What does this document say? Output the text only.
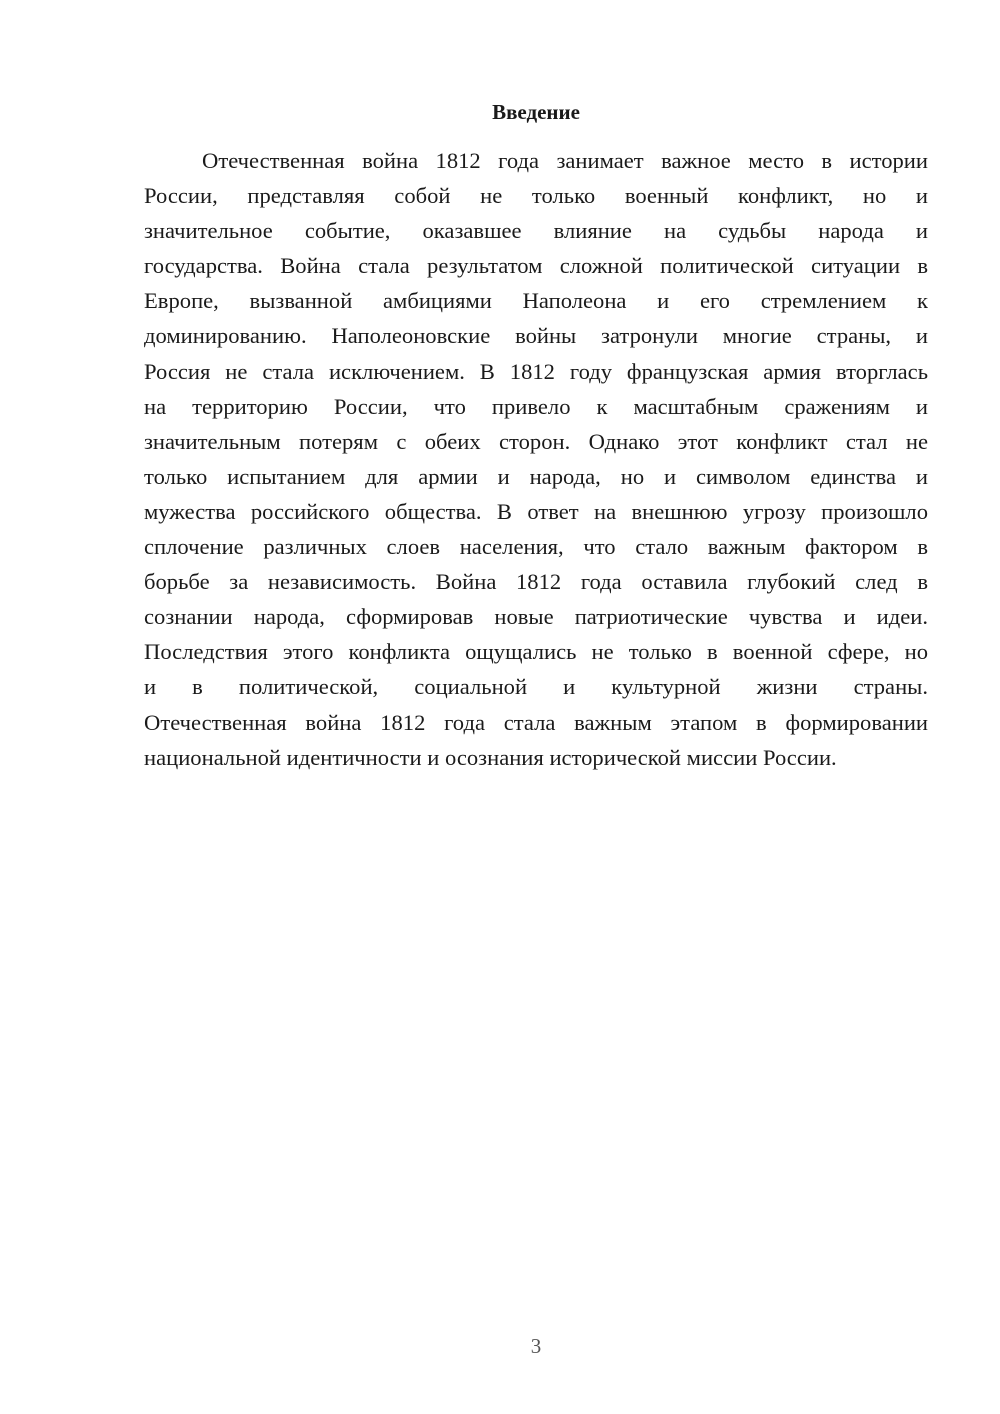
Введение
Отечественная война 1812 года занимает важное место в истории
России, представляя собой не только военный конфликт, но и
значительное событие, оказавшее влияние на судьбы народа и
государства. Война стала результатом сложной политической ситуации в
Европе, вызванной амбициями Наполеона и его стремлением к
доминированию. Наполеоновские войны затронули многие страны, и
Россия не стала исключением. В 1812 году французская армия вторглась
на территорию России, что привело к масштабным сражениям и
значительным потерям с обеих сторон. Однако этот конфликт стал не
только испытанием для армии и народа, но и символом единства и
мужества российского общества. В ответ на внешнюю угрозу произошло
сплочение различных слоев населения, что стало важным фактором в
борьбе за независимость. Война 1812 года оставила глубокий след в
сознании народа, сформировав новые патриотические чувства и идеи.
Последствия этого конфликта ощущались не только в военной сфере, но
и в политической, социальной и культурной жизни страны.
Отечественная война 1812 года стала важным этапом в формировании
национальной идентичности и осознания исторической миссии России.

3
